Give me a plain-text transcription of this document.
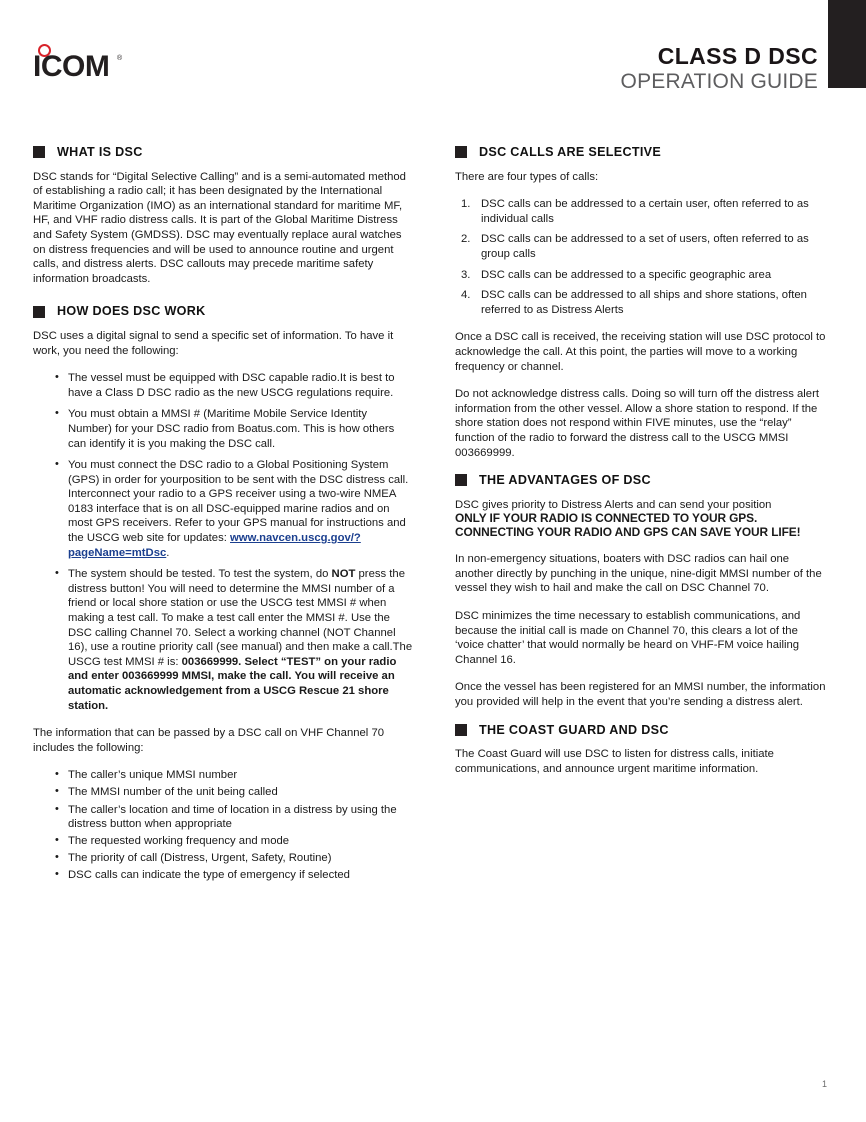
ICOM ®	CLASS D DSC
OPERATION GUIDE
WHAT IS DSC

DSC stands for “Digital Selective Calling” and is a semi-automated method of establishing a radio call; it has been designated by the International Maritime Organization (IMO) as an international standard for maritime MF, HF, and VHF radio distress calls. It is part of the Global Maritime Distress and Safety System (GMDSS). DSC may eventually replace aural watches on distress frequencies and will be used to announce routine and urgent calls, and distress alerts. DSC callouts may precede maritime safety information broadcasts.

HOW DOES DSC WORK

DSC uses a digital signal to send a specific set of information. To have it work, you need the following:

• The vessel must be equipped with DSC capable radio.It is best to have a Class D DSC radio as the new USCG regulations require.
• You must obtain a MMSI # (Maritime Mobile Service Identity Number) for your DSC radio from Boatus.com. This is how others can identify it is you making the DSC call.
• You must connect the DSC radio to a Global Positioning System (GPS) in order for yourposition to be sent with the DSC distress call. Interconnect your radio to a GPS receiver using a two-wire NMEA 0183 interface that is on all DSC-equipped marine radios and on most GPS receivers. Refer to your GPS manual for instructions and the USCG web site for updates: www.navcen.uscg.gov/?pageName=mtDsc.
• The system should be tested. To test the system, do NOT press the distress button! You will need to determine the MMSI number of a friend or local shore station or use the USCG test MMSI # when making a test call. To make a test call enter the MMSI #. Use the DSC calling Channel 70. Select a working channel (NOT Channel 16), use a routine priority call (see manual) and then make a call.The USCG test MMSI # is: 003669999. Select “TEST” on your radio and enter 003669999 MMSI, make the call. You will receive an automatic acknowledgement from a USCG Rescue 21 shore station.

The information that can be passed by a DSC call on VHF Channel 70 includes the following:

• The caller’s unique MMSI number
• The MMSI number of the unit being called
• The caller’s location and time of location in a distress by using the distress button when appropriate
• The requested working frequency and mode
• The priority of call (Distress, Urgent, Safety, Routine)
• DSC calls can indicate the type of emergency if selected
DSC CALLS ARE SELECTIVE

There are four types of calls:

DSC calls can be addressed to a certain user, often referred to as individual calls
DSC calls can be addressed to a set of users, often referred to as group calls
DSC calls can be addressed to a specific geographic area
DSC calls can be addressed to all ships and shore stations, often referred to as Distress Alerts

Once a DSC call is received, the receiving station will use DSC protocol to acknowledge the call. At this point, the parties will move to a working frequency or channel.

Do not acknowledge distress calls. Doing so will turn off the distress alert information from the other vessel. Allow a shore station to respond. If the shore station does not respond within FIVE minutes, use the “relay” function of the radio to forward the distress call to the USCG MMSI 003669999.

THE ADVANTAGES OF DSC

DSC gives priority to Distress Alerts and can send your position
ONLY IF YOUR RADIO IS CONNECTED TO YOUR GPS. CONNECTING YOUR RADIO AND GPS CAN SAVE YOUR LIFE!

In non-emergency situations, boaters with DSC radios can hail one another directly by punching in the unique, nine-digit MMSI number of the vessel they wish to hail and make the call on DSC Channel 70.

DSC minimizes the time necessary to establish communications, and because the initial call is made on Channel 70, this clears a lot of the ‘voice chatter’ that would normally be heard on VHF-FM voice hailing Channel 16.

Once the vessel has been registered for an MMSI number, the information you provided will help in the event that you’re sending a distress alert.

THE COAST GUARD AND DSC

The Coast Guard will use DSC to listen for distress calls, initiate communications, and announce urgent maritime information.

1
